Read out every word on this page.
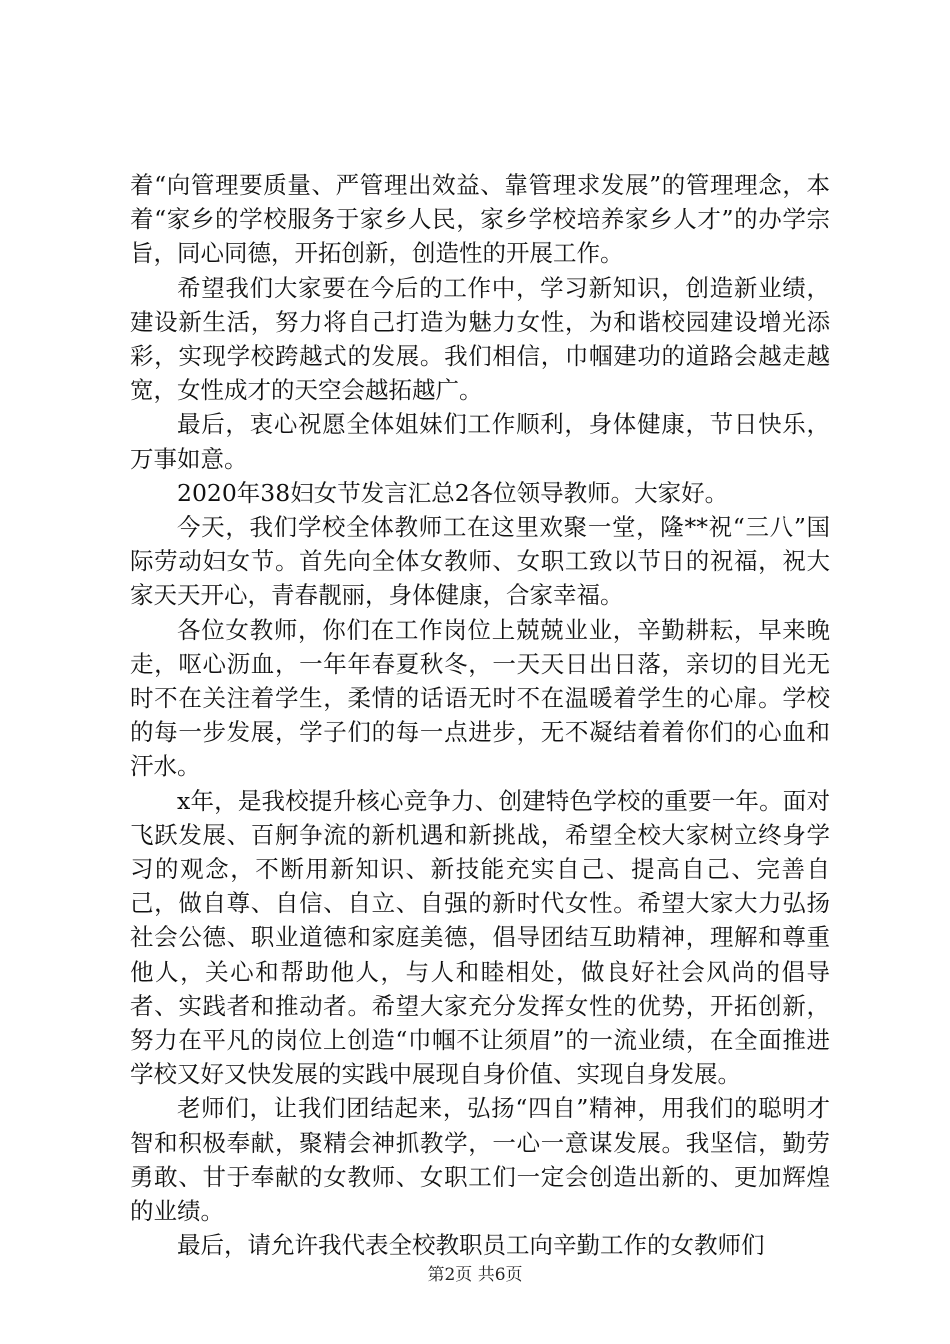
着“向管理要质量、严管理出效益、靠管理求发展”的管理理念，本着“家乡的学校服务于家乡人民，家乡学校培养家乡人才”的办学宗旨，同心同德，开拓创新，创造性的开展工作。

希望我们大家要在今后的工作中，学习新知识，创造新业绩，建设新生活，努力将自己打造为魅力女性，为和谐校园建设增光添彩，实现学校跨越式的发展。我们相信，巾帼建功的道路会越走越宽，女性成才的天空会越拓越广。

最后，衷心祝愿全体姐妹们工作顺利，身体健康，节日快乐，万事如意。

2020年38妇女节发言汇总2各位领导教师。大家好。

今天，我们学校全体教师工在这里欢聚一堂，隆**祝“三八”国际劳动妇女节。首先向全体女教师、女职工致以节日的祝福，祝大家天天开心，青春靓丽，身体健康，合家幸福。

各位女教师，你们在工作岗位上兢兢业业，辛勤耕耘，早来晚走，呕心沥血，一年年春夏秋冬，一天天日出日落，亲切的目光无时不在关注着学生，柔情的话语无时不在温暖着学生的心扉。学校的每一步发展，学子们的每一点进步，无不凝结着着你们的心血和汗水。

x年，是我校提升核心竞争力、创建特色学校的重要一年。面对飞跃发展、百舸争流的新机遇和新挑战，希望全校大家树立终身学习的观念，不断用新知识、新技能充实自己、提高自己、完善自己，做自尊、自信、自立、自强的新时代女性。希望大家大力弘扬社会公德、职业道德和家庭美德，倡导团结互助精神，理解和尊重他人，关心和帮助他人，与人和睦相处，做良好社会风尚的倡导者、实践者和推动者。希望大家充分发挥女性的优势，开拓创新，努力在平凡的岗位上创造“巾帼不让须眉”的一流业绩，在全面推进学校又好又快发展的实践中展现自身价值、实现自身发展。

老师们，让我们团结起来，弘扬“四自”精神，用我们的聪明才智和积极奉献，聚精会神抓教学，一心一意谋发展。我坚信，勤劳勇敢、甘于奉献的女教师、女职工们一定会创造出新的、更加辉煌的业绩。

最后，请允许我代表全校教职员工向辛勤工作的女教师们

第2页 共6页
